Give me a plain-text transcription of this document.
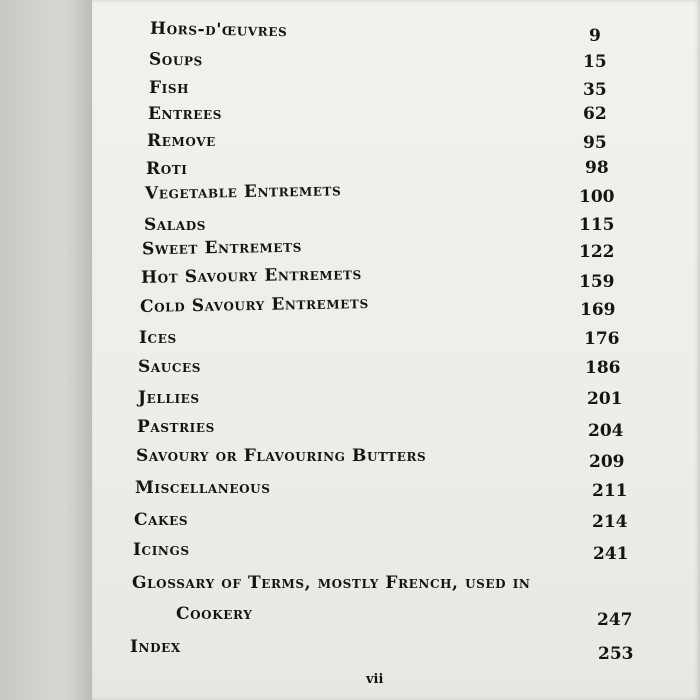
Hors-d'œuvres	9
Soups	15
Fish	35
Entrees	62
Remove	95
Roti	98
Vegetable Entremets	100
Salads	115
Sweet Entremets	122
Hot Savoury Entremets	159
Cold Savoury Entremets	169
Ices	176
Sauces	186
Jellies	201
Pastries	204
Savoury or Flavouring Butters	209
Miscellaneous	211
Cakes	214
Icings	241
Glossary of Terms, mostly French, used in
Cookery	247
Index	253
vii
